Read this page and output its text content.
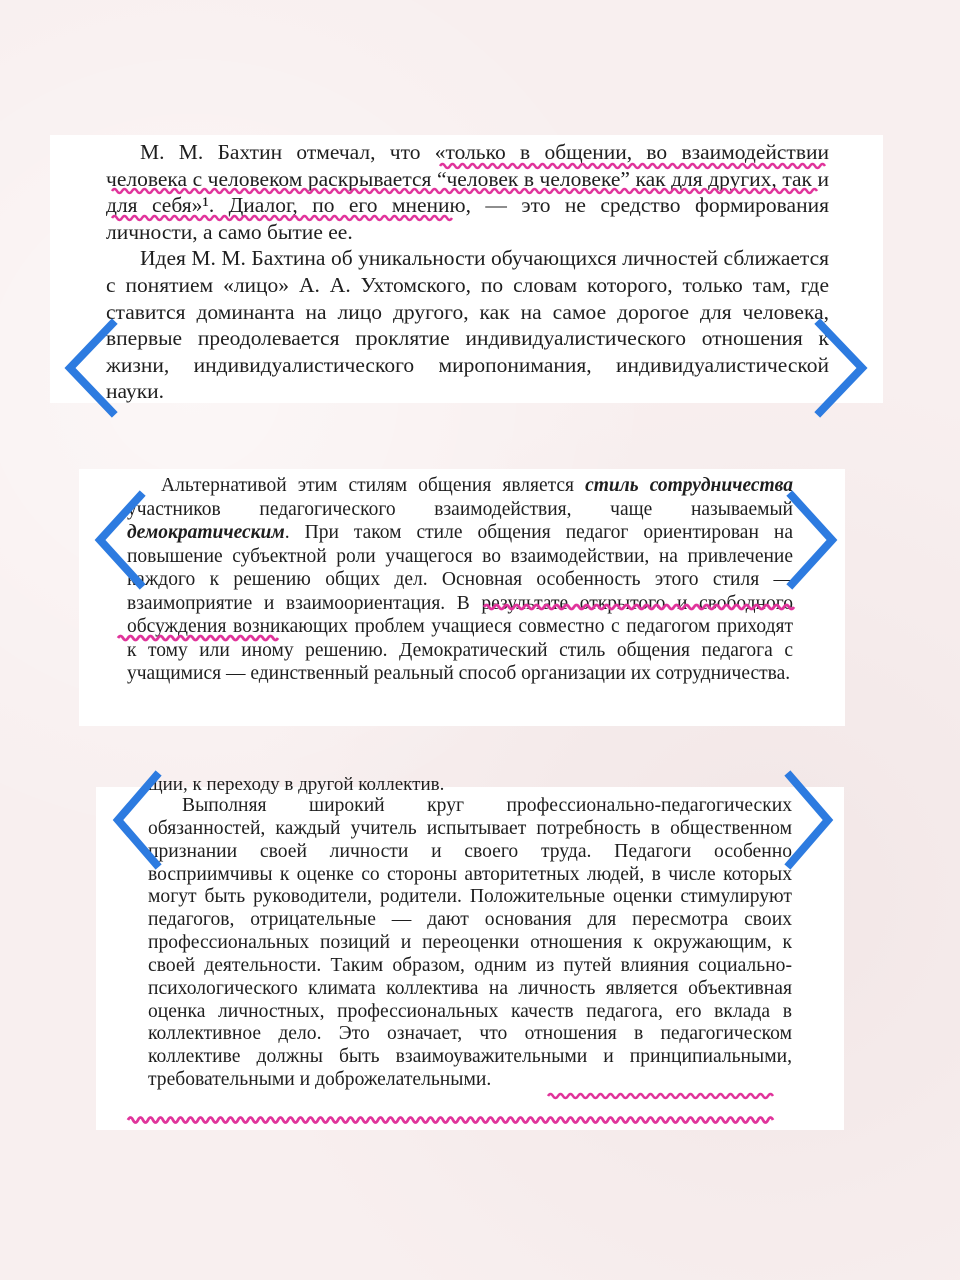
М. М. Бахтин отмечал, что «только в общении, во взаимодействии человека с человеком раскрывается “человек в человеке” как для других, так и для себя»¹. Диалог, по его мнению, — это не средство формирования личности, а само бытие ее.

Идея М. М. Бахтина об уникальности обучающихся личностей сближается с понятием «лицо» А. А. Ухтомского, по словам которого, только там, где ставится доминанта на лицо другого, как на самое дорогое для человека, впервые преодолевается проклятие индивидуалистического отношения к жизни, индивидуалистического миропонимания, индивидуалистической науки.

Альтернативой этим стилям общения является стиль сотрудничества участников педагогического взаимодействия, чаще называемый демократическим. При таком стиле общения педагог ориентирован на повышение субъектной роли учащегося во взаимодействии, на привлечение каждого к решению общих дел. Основная особенность этого стиля — взаимоприятие и взаимоориентация. В результате открытого и свободного обсуждения возникающих проблем учащиеся совместно с педагогом приходят к тому или иному решению. Демократический стиль общения педагога с учащимися — единственный реальный способ организации их сотрудничества.

щии, к переходу в другой коллектив.

Выполняя широкий круг профессионально-педагогических обязанностей, каждый учитель испытывает потребность в общественном признании своей личности и своего труда. Педагоги особенно восприимчивы к оценке со стороны авторитетных людей, в числе которых могут быть руководители, родители. Положительные оценки стимулируют педагогов, отрицательные — дают основания для пересмотра своих профессиональных позиций и переоценки отношения к окружающим, к своей деятельности. Таким образом, одним из путей влияния социально-психологического климата коллектива на личность является объективная оценка личностных, профессиональных качеств педагога, его вклада в коллективное дело. Это означает, что отношения в педагогическом коллективе должны быть взаимоуважительными и принципиальными, требовательными и доброжелательными.
